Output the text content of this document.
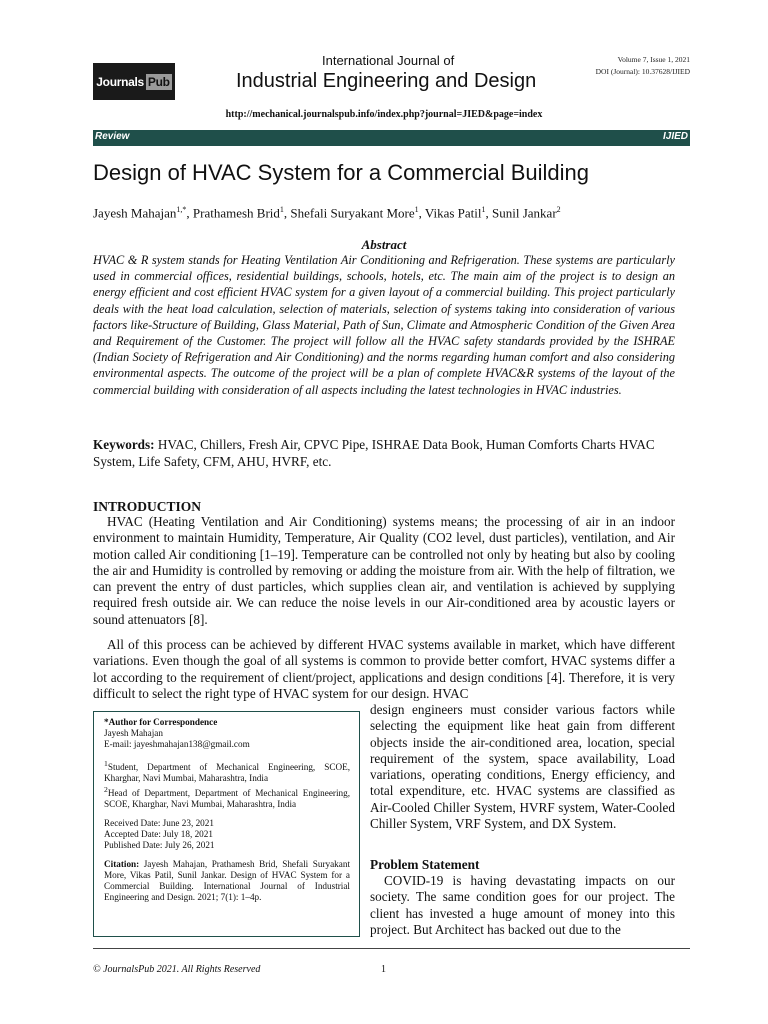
Journals Pub
International Journal of
Industrial Engineering and Design
Volume 7, Issue 1, 2021
DOI (Journal): 10.37628/IJIED
http://mechanical.journalspub.info/index.php?journal=JIED&page=index
Review	IJIED
Design of HVAC System for a Commercial Building
Jayesh Mahajan$^{1,*}$, Prathamesh Brid$^1$, Shefali Suryakant More$^1$, Vikas Patil$^1$, Sunil Jankar$^2$
Abstract
HVAC & R system stands for Heating Ventilation Air Conditioning and Refrigeration. These systems are particularly used in commercial offices, residential buildings, schools, hotels, etc. The main aim of the project is to design an energy efficient and cost efficient HVAC system for a given layout of a commercial building. This project particularly deals with the heat load calculation, selection of materials, selection of systems taking into consideration of various factors like-Structure of Building, Glass Material, Path of Sun, Climate and Atmospheric Condition of the Given Area and Requirement of the Customer. The project will follow all the HVAC safety standards provided by the ISHRAE (Indian Society of Refrigeration and Air Conditioning) and the norms regarding human comfort and also considering environmental aspects. The outcome of the project will be a plan of complete HVAC&R systems of the layout of the commercial building with consideration of all aspects including the latest technologies in HVAC industries.
Keywords: HVAC, Chillers, Fresh Air, CPVC Pipe, ISHRAE Data Book, Human Comforts Charts HVAC System, Life Safety, CFM, AHU, HVRF, etc.
INTRODUCTION
HVAC (Heating Ventilation and Air Conditioning) systems means; the processing of air in an indoor environment to maintain Humidity, Temperature, Air Quality (CO2 level, dust particles), ventilation, and Air motion called Air conditioning [1–19]. Temperature can be controlled not only by heating but also by cooling the air and Humidity is controlled by removing or adding the moisture from air. With the help of filtration, we can prevent the entry of dust particles, which supplies clean air, and ventilation is achieved by supplying required fresh outside air. We can reduce the noise levels in our Air-conditioned area by acoustic layers or sound attenuators [8].
All of this process can be achieved by different HVAC systems available in market, which have different variations. Even though the goal of all systems is common to provide better comfort, HVAC systems differ a lot according to the requirement of client/project, applications and design conditions [4]. Therefore, it is very difficult to select the right type of HVAC system for our design. HVAC
design engineers must consider various factors while selecting the equipment like heat gain from different objects inside the air-conditioned area, location, special requirement of the system, space availability, Load variations, operating conditions, Energy efficiency, and total expenditure, etc. HVAC systems are classified as Air-Cooled Chiller System, HVRF system, Water-Cooled Chiller System, VRF System, and DX System.
Problem Statement
COVID-19 is having devastating impacts on our society. The same condition goes for our project. The client has invested a huge amount of money into this project. But Architect has backed out due to the

*Author for Correspondence

Jayesh Mahajan

E-mail: jayeshmahajan138@gmail.com

$^1$Student, Department of Mechanical Engineering, SCOE, Kharghar, Navi Mumbai, Maharashtra, India

$^2$Head of Department, Department of Mechanical Engineering, SCOE, Kharghar, Navi Mumbai, Maharashtra, India

Received Date: June 23, 2021

Accepted Date: July 18, 2021

Published Date: July 26, 2021

Citation: Jayesh Mahajan, Prathamesh Brid, Shefali Suryakant More, Vikas Patil, Sunil Jankar. Design of HVAC System for a Commercial Building. International Journal of Industrial Engineering and Design. 2021; 7(1): 1–4p.

© JournalsPub 2021. All Rights Reserved	1
